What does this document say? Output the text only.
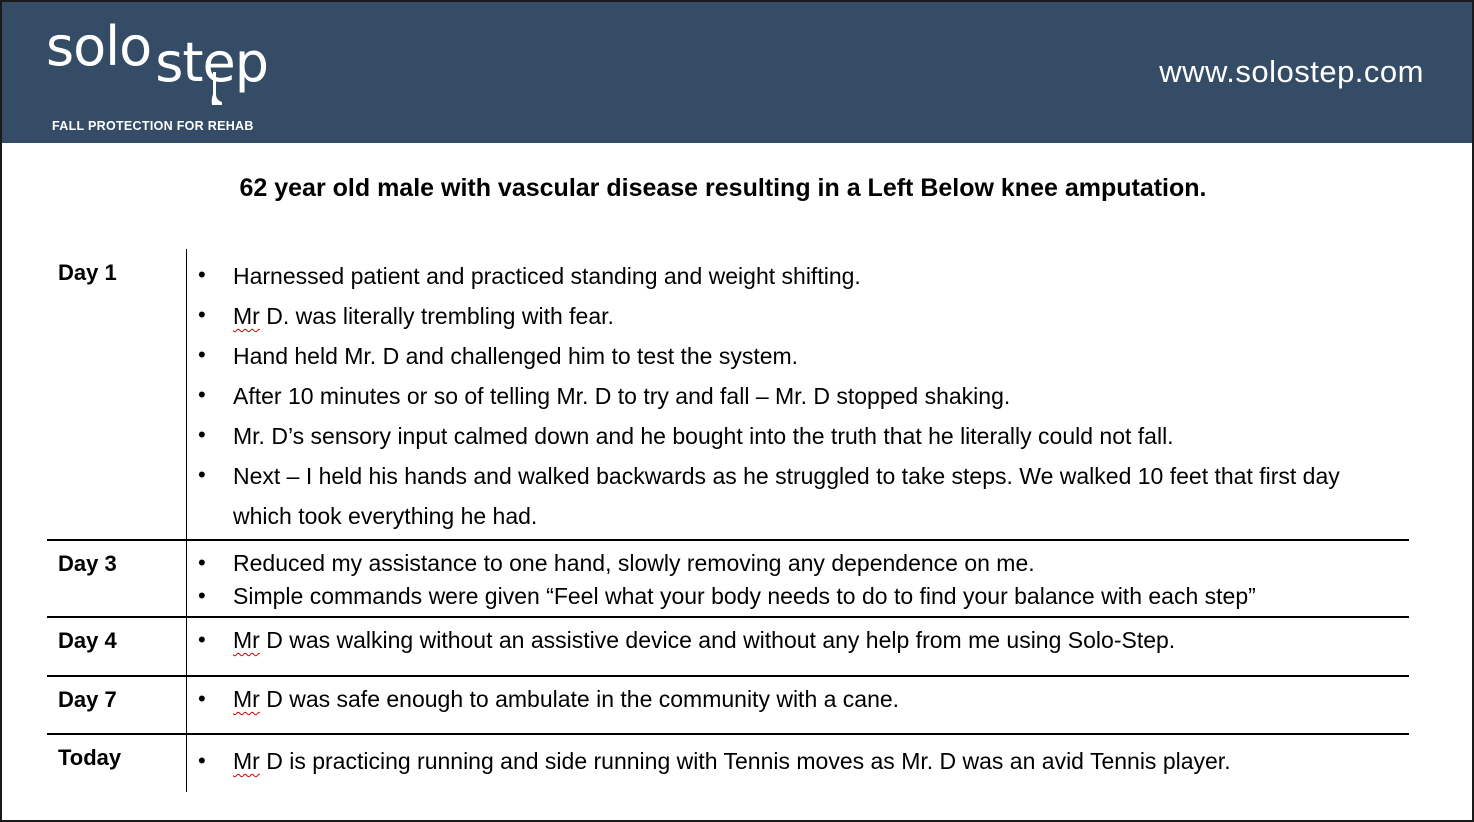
solostep
FALL PROTECTION FOR REHAB
www.solostep.com
62 year old male with vascular disease resulting in a Left Below knee amputation.
Day 1	• Harnessed patient and practiced standing and weight shifting.
• Mr D. was literally trembling with fear.
• Hand held Mr. D and challenged him to test the system.
• After 10 minutes or so of telling Mr. D to try and fall – Mr. D stopped shaking.
• Mr. D’s sensory input calmed down and he bought into the truth that he literally could not fall.
• Next – I held his hands and walked backwards as he struggled to take steps. We walked 10 feet that first day which took everything he had.
Day 3	• Reduced my assistance to one hand, slowly removing any dependence on me.
• Simple commands were given “Feel what your body needs to do to find your balance with each step”
Day 4	• Mr D was walking without an assistive device and without any help from me using Solo-Step.
Day 7	• Mr D was safe enough to ambulate in the community with a cane.
Today	• Mr D is practicing running and side running with Tennis moves as Mr. D was an avid Tennis player.
